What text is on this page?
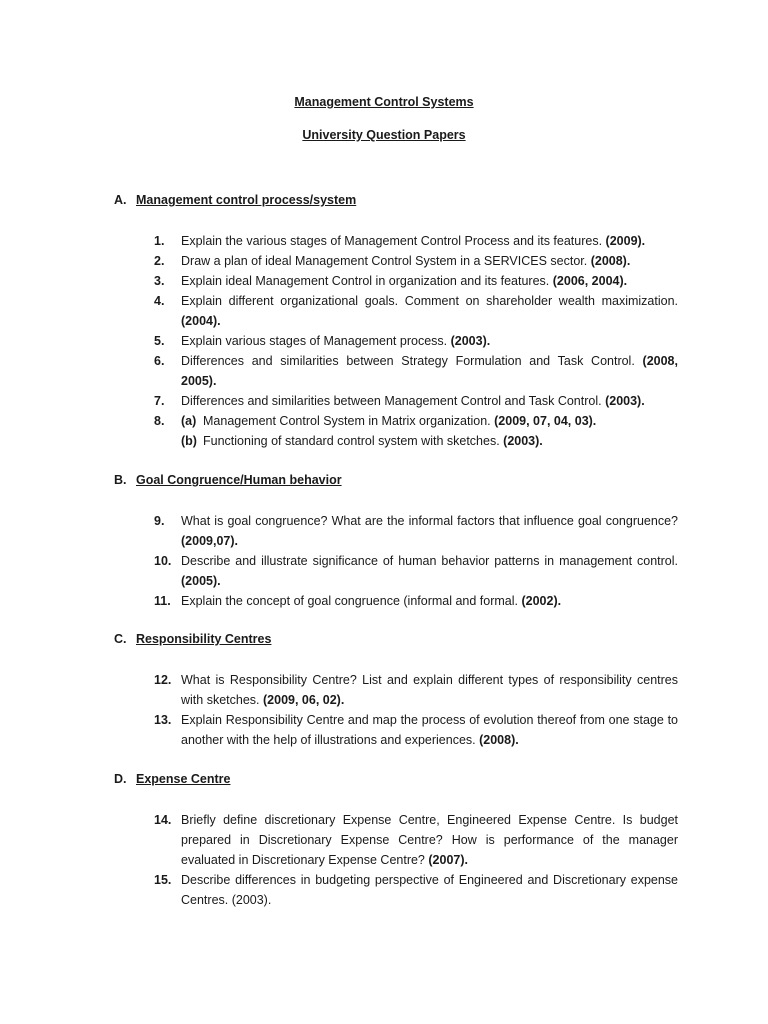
Management Control Systems
University Question Papers
A. Management control process/system
1.	Explain the various stages of Management Control Process and its features. (2009).
2.	Draw a plan of ideal Management Control System in a SERVICES sector. (2008).
3.	Explain ideal Management Control in organization and its features. (2006, 2004).
4.	Explain different organizational goals. Comment on shareholder wealth maximization. (2004).
5.	Explain various stages of Management process. (2003).
6.	Differences and similarities between Strategy Formulation and Task Control. (2008, 2005).
7.	Differences and similarities between Management Control and Task Control. (2003).
8.	(a) Management Control System in Matrix organization. (2009, 07, 04, 03).
(b) Functioning of standard control system with sketches. (2003).
B. Goal Congruence/Human behavior
9.	What is goal congruence? What are the informal factors that influence goal congruence? (2009,07).
10. Describe and illustrate significance of human behavior patterns in management control. (2005).
11. Explain the concept of goal congruence (informal and formal. (2002).
C. Responsibility Centres
12. What is Responsibility Centre? List and explain different types of responsibility centres with sketches. (2009, 06, 02).
13. Explain Responsibility Centre and map the process of evolution thereof from one stage to another with the help of illustrations and experiences. (2008).
D. Expense Centre
14. Briefly define discretionary Expense Centre, Engineered Expense Centre. Is budget prepared in Discretionary Expense Centre? How is performance of the manager evaluated in Discretionary Expense Centre? (2007).
15. Describe differences in budgeting perspective of Engineered and Discretionary expense Centres. (2003).
